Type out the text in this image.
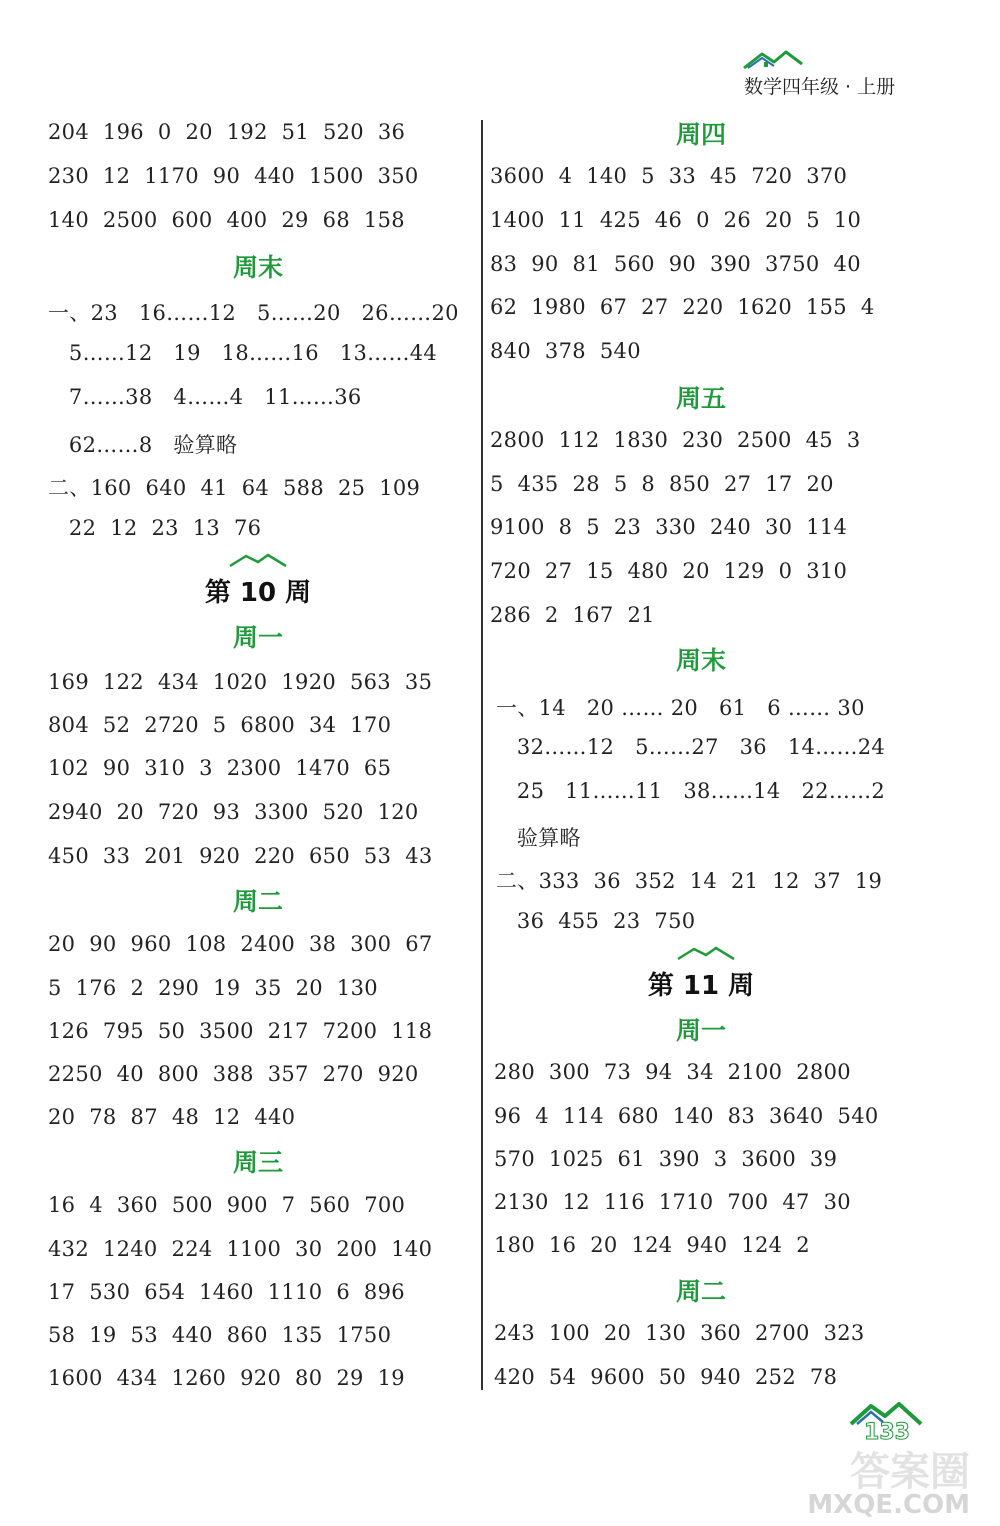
数学四年级 · 上册
204  196  0  20  192  51  520  36
230  12  1170  90  440  1500  350
140  2500  600  400  29  68  158
周末
一、23   16……12   5……20   26……20
5……12   19   18……16   13……44
7……38   4……4   11……36
62……8   验算略
二、160  640  41  64  588  25  109
22  12  23  13  76
第 10 周
周一
169  122  434  1020  1920  563  35
804  52  2720  5  6800  34  170
102  90  310  3  2300  1470  65
2940  20  720  93  3300  520  120
450  33  201  920  220  650  53  43
周二
20  90  960  108  2400  38  300  67
5  176  2  290  19  35  20  130
126  795  50  3500  217  7200  118
2250  40  800  388  357  270  920
20  78  87  48  12  440
周三
16  4  360  500  900  7  560  700
432  1240  224  1100  30  200  140
17  530  654  1460  1110  6  896
58  19  53  440  860  135  1750
1600  434  1260  920  80  29  19
周四
3600  4  140  5  33  45  720  370
1400  11  425  46  0  26  20  5  10
83  90  81  560  90  390  3750  40
62  1980  67  27  220  1620  155  4
840  378  540
周五
2800  112  1830  230  2500  45  3
5  435  28  5  8  850  27  17  20
9100  8  5  23  330  240  30  114
720  27  15  480  20  129  0  310
286  2  167  21
周末
一、14   20 …… 20   61   6 …… 30
32……12   5……27   36   14……24
25   11……11   38……14   22……2
验算略
二、333  36  352  14  21  12  37  19
36  455  23  750
第 11 周
周一
280  300  73  94  34  2100  2800
96  4  114  680  140  83  3640  540
570  1025  61  390  3  3600  39
2130  12  116  1710  700  47  30
180  16  20  124  940  124  2
周二
243  100  20  130  360  2700  323
420  54  9600  50  940  252  78
133
答案圈
MXQE.COM
